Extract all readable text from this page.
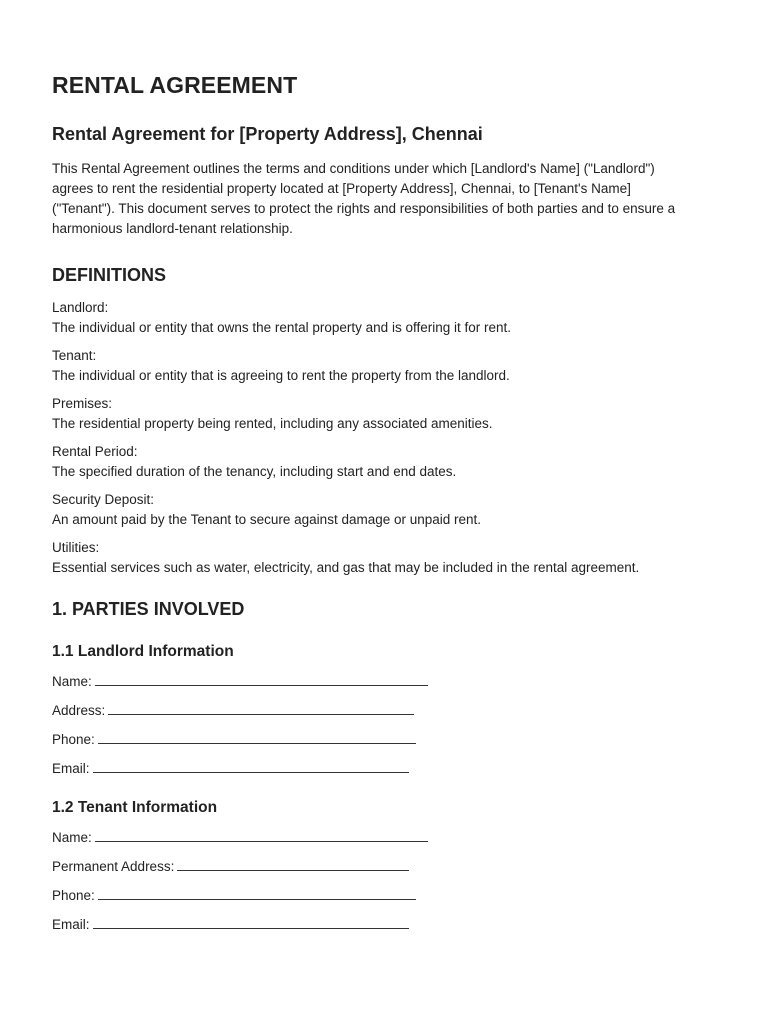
RENTAL AGREEMENT
Rental Agreement for [Property Address], Chennai

This Rental Agreement outlines the terms and conditions under which [Landlord's Name] ("Landlord") agrees to rent the residential property located at [Property Address], Chennai, to [Tenant's Name] ("Tenant"). This document serves to protect the rights and responsibilities of both parties and to ensure a harmonious landlord-tenant relationship.

DEFINITIONS
Landlord:
The individual or entity that owns the rental property and is offering it for rent.
Tenant:
The individual or entity that is agreeing to rent the property from the landlord.
Premises:
The residential property being rented, including any associated amenities.
Rental Period:
The specified duration of the tenancy, including start and end dates.
Security Deposit:
An amount paid by the Tenant to secure against damage or unpaid rent.
Utilities:
Essential services such as water, electricity, and gas that may be included in the rental agreement.
1. PARTIES INVOLVED
1.1 Landlord Information
Name:
Address:
Phone:
Email:
1.2 Tenant Information
Name:
Permanent Address:
Phone:
Email:
